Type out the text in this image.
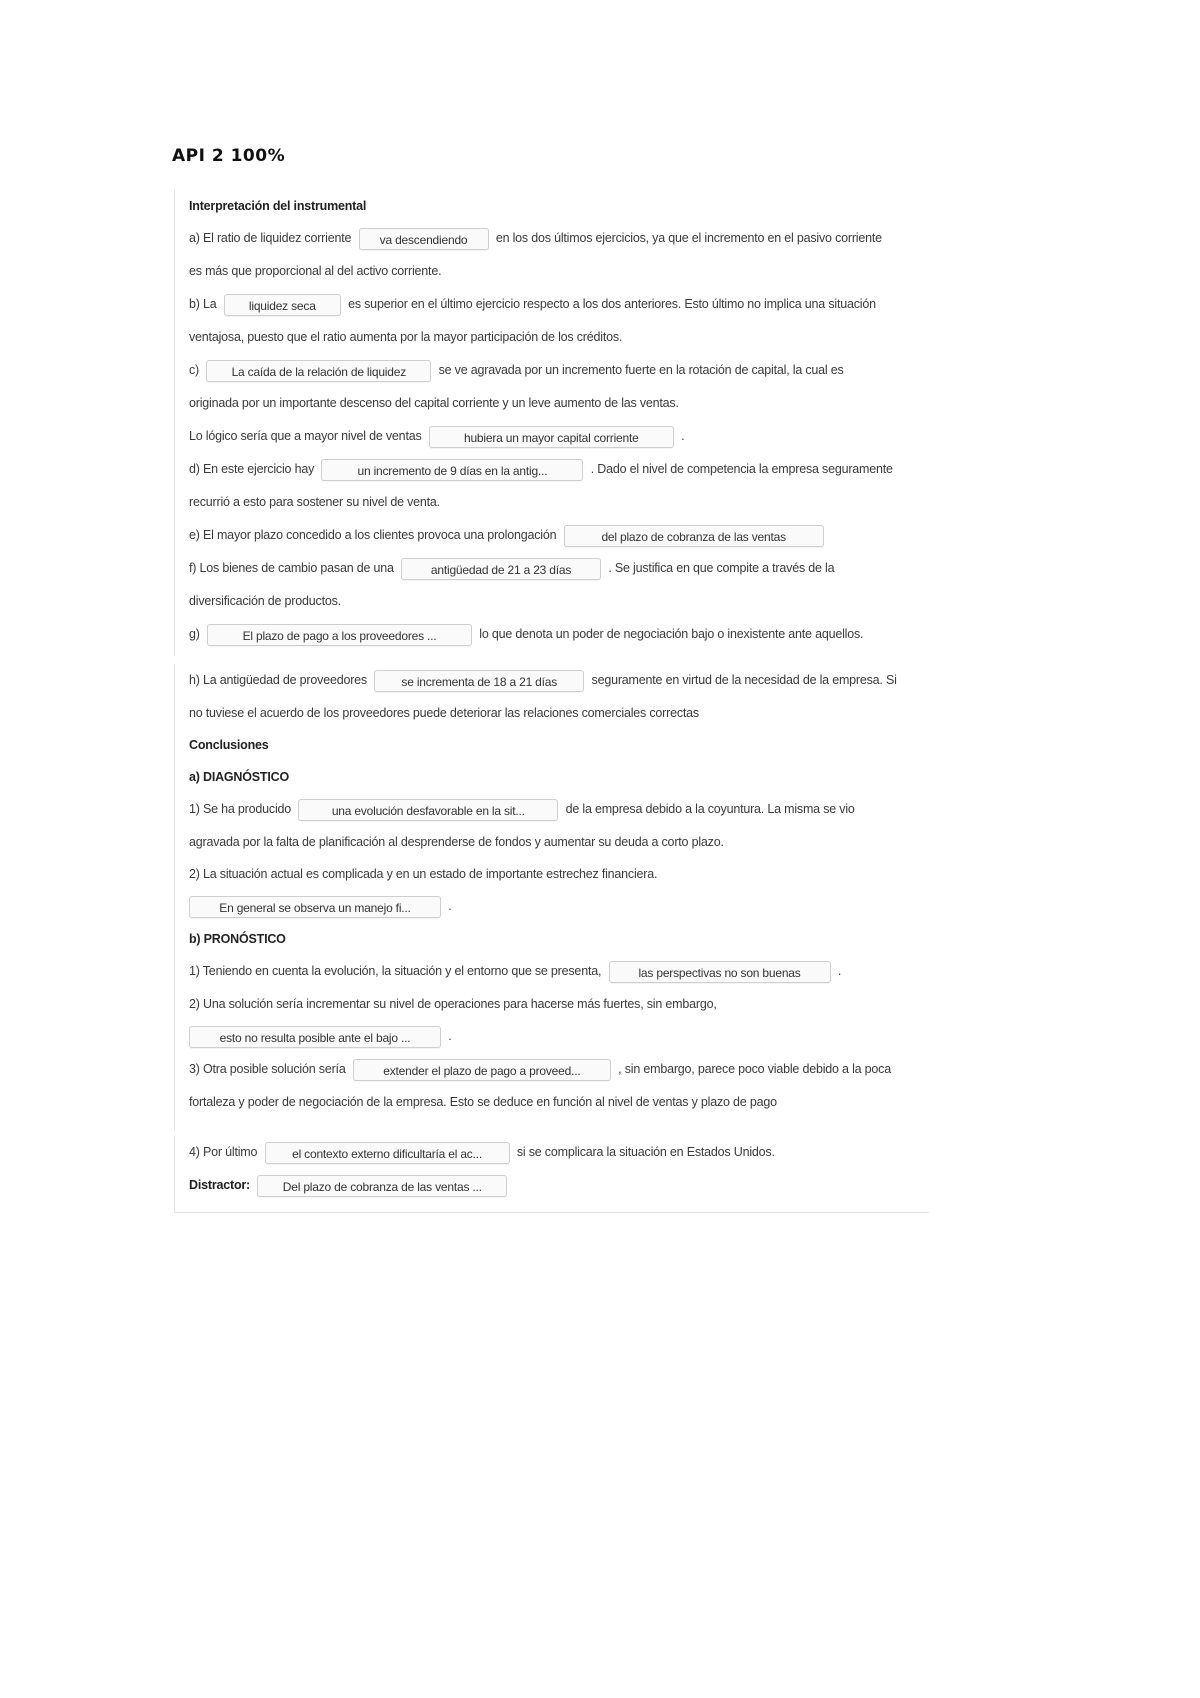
API 2 100%
Interpretación del instrumental
a) El ratio de liquidez corriente va descendiendo en los dos últimos ejercicios, ya que el incremento en el pasivo corriente
es más que proporcional al del activo corriente.
b) La	liquidez seca	es superior en el último ejercicio respecto a los dos anteriores. Esto último no implica una situación
ventajosa, puesto que el ratio aumenta por la mayor participación de los créditos.
c)	La caída de la relación de liquidez	se ve agravada por un incremento fuerte en la rotación de capital, la cual es
originada por un importante descenso del capital corriente y un leve aumento de las ventas.
Lo lógico sería que a mayor nivel de ventas	hubiera un mayor capital corriente	.
d) En este ejercicio hay	un incremento de 9 días en la antig...	. Dado el nivel de competencia la empresa seguramente
recurrió a esto para sostener su nivel de venta.
e) El mayor plazo concedido a los clientes provoca una prolongación	del plazo de cobranza de las ventas
f) Los bienes de cambio pasan de una	antigüedad de 21 a 23 días	. Se justifica en que compite a través de la
diversificación de productos.
g)	El plazo de pago a los proveedores ...	lo que denota un poder de negociación bajo o inexistente ante aquellos.
h) La antigüedad de proveedores	se incrementa de 18 a 21 días	seguramente en virtud de la necesidad de la empresa. Si
no tuviese el acuerdo de los proveedores puede deteriorar las relaciones comerciales correctas
Conclusiones
a) DIAGNÓSTICO
1) Se ha producido	una evolución desfavorable en la sit...	de la empresa debido a la coyuntura. La misma se vio
agravada por la falta de planificación al desprenderse de fondos y aumentar su deuda a corto plazo.
2) La situación actual es complicada y en un estado de importante estrechez financiera.
En general se observa un manejo fi...	.
b) PRONÓSTICO
1) Teniendo en cuenta la evolución, la situación y el entorno que se presenta,	las perspectivas no son buenas	.
2) Una solución sería incrementar su nivel de operaciones para hacerse más fuertes, sin embargo,
esto no resulta posible ante el bajo ...	.
3) Otra posible solución sería	extender el plazo de pago a proveed...	, sin embargo, parece poco viable debido a la poca
fortaleza y poder de negociación de la empresa. Esto se deduce en función al nivel de ventas y plazo de pago
4) Por último	el contexto externo dificultaría el ac...	si se complicara la situación en Estados Unidos.
Distractor:	Del plazo de cobranza de las ventas ...
